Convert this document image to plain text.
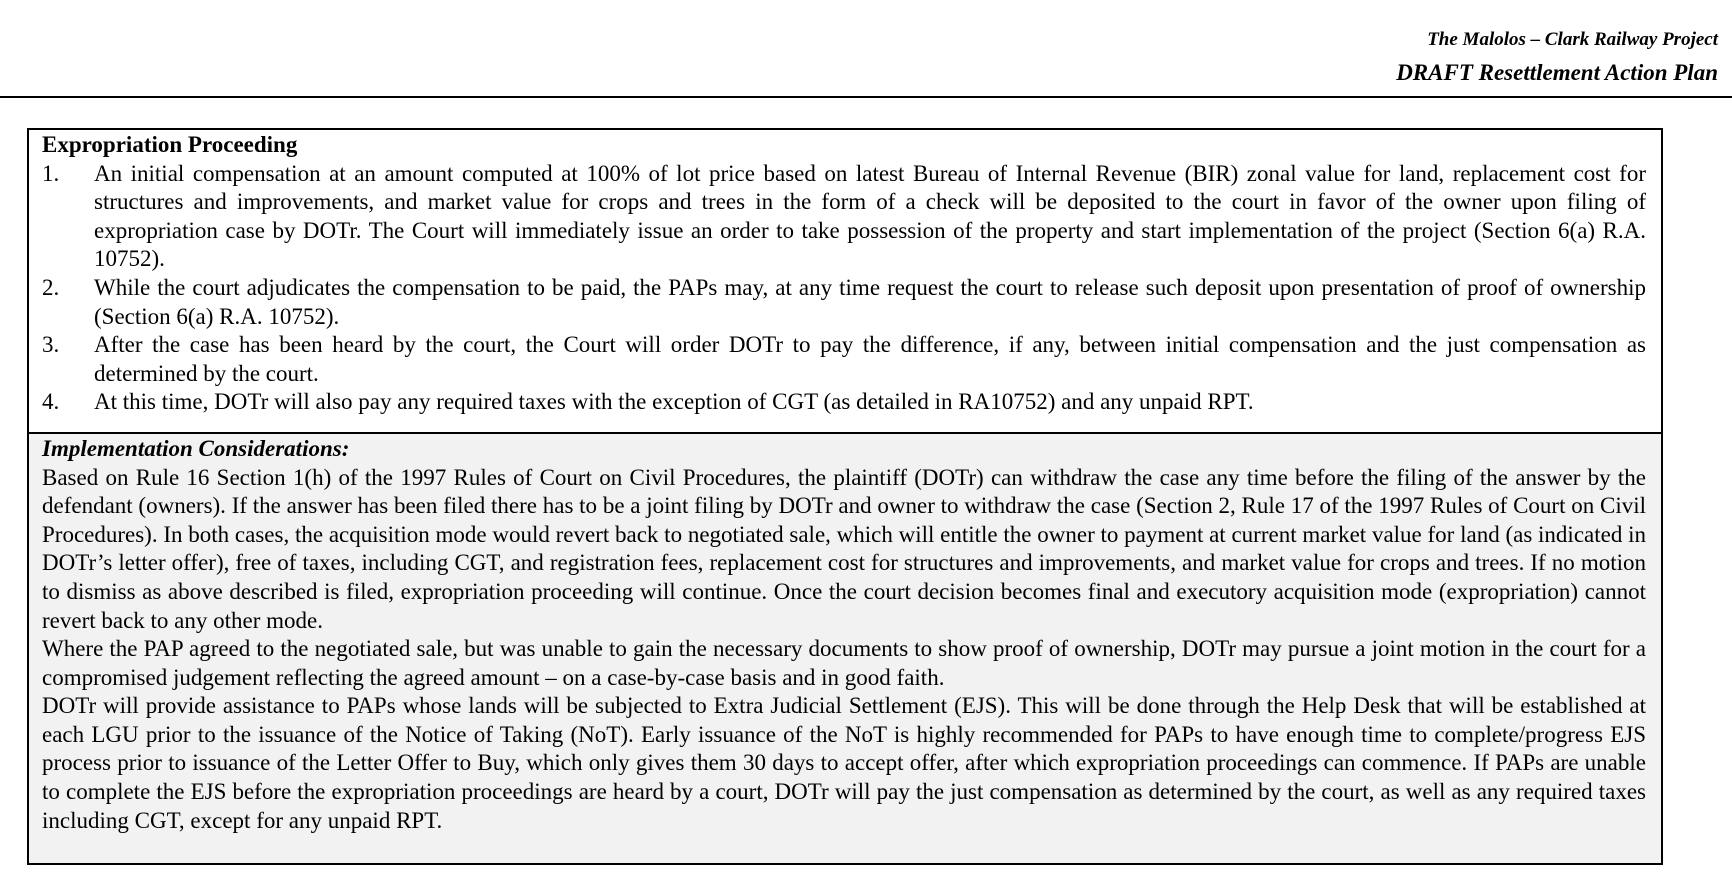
The Malolos – Clark Railway Project
DRAFT Resettlement Action Plan
Expropriation Proceeding
1. An initial compensation at an amount computed at 100% of lot price based on latest Bureau of Internal Revenue (BIR) zonal value for land, replacement cost for structures and improvements, and market value for crops and trees in the form of a check will be deposited to the court in favor of the owner upon filing of expropriation case by DOTr. The Court will immediately issue an order to take possession of the property and start implementation of the project (Section 6(a) R.A. 10752).
2. While the court adjudicates the compensation to be paid, the PAPs may, at any time request the court to release such deposit upon presentation of proof of ownership (Section 6(a) R.A. 10752).
3. After the case has been heard by the court, the Court will order DOTr to pay the difference, if any, between initial compensation and the just compensation as determined by the court.
4. At this time, DOTr will also pay any required taxes with the exception of CGT (as detailed in RA10752) and any unpaid RPT.
Implementation Considerations:

Based on Rule 16 Section 1(h) of the 1997 Rules of Court on Civil Procedures, the plaintiff (DOTr) can withdraw the case any time before the filing of the answer by the defendant (owners). If the answer has been filed there has to be a joint filing by DOTr and owner to withdraw the case (Section 2, Rule 17 of the 1997 Rules of Court on Civil Procedures). In both cases, the acquisition mode would revert back to negotiated sale, which will entitle the owner to payment at current market value for land (as indicated in DOTr’s letter offer), free of taxes, including CGT, and registration fees, replacement cost for structures and improvements, and market value for crops and trees. If no motion to dismiss as above described is filed, expropriation proceeding will continue. Once the court decision becomes final and executory acquisition mode (expropriation) cannot revert back to any other mode.

Where the PAP agreed to the negotiated sale, but was unable to gain the necessary documents to show proof of ownership, DOTr may pursue a joint motion in the court for a compromised judgement reflecting the agreed amount – on a case-by-case basis and in good faith.

DOTr will provide assistance to PAPs whose lands will be subjected to Extra Judicial Settlement (EJS). This will be done through the Help Desk that will be established at each LGU prior to the issuance of the Notice of Taking (NoT). Early issuance of the NoT is highly recommended for PAPs to have enough time to complete/progress EJS process prior to issuance of the Letter Offer to Buy, which only gives them 30 days to accept offer, after which expropriation proceedings can commence. If PAPs are unable to complete the EJS before the expropriation proceedings are heard by a court, DOTr will pay the just compensation as determined by the court, as well as any required taxes including CGT, except for any unpaid RPT.
